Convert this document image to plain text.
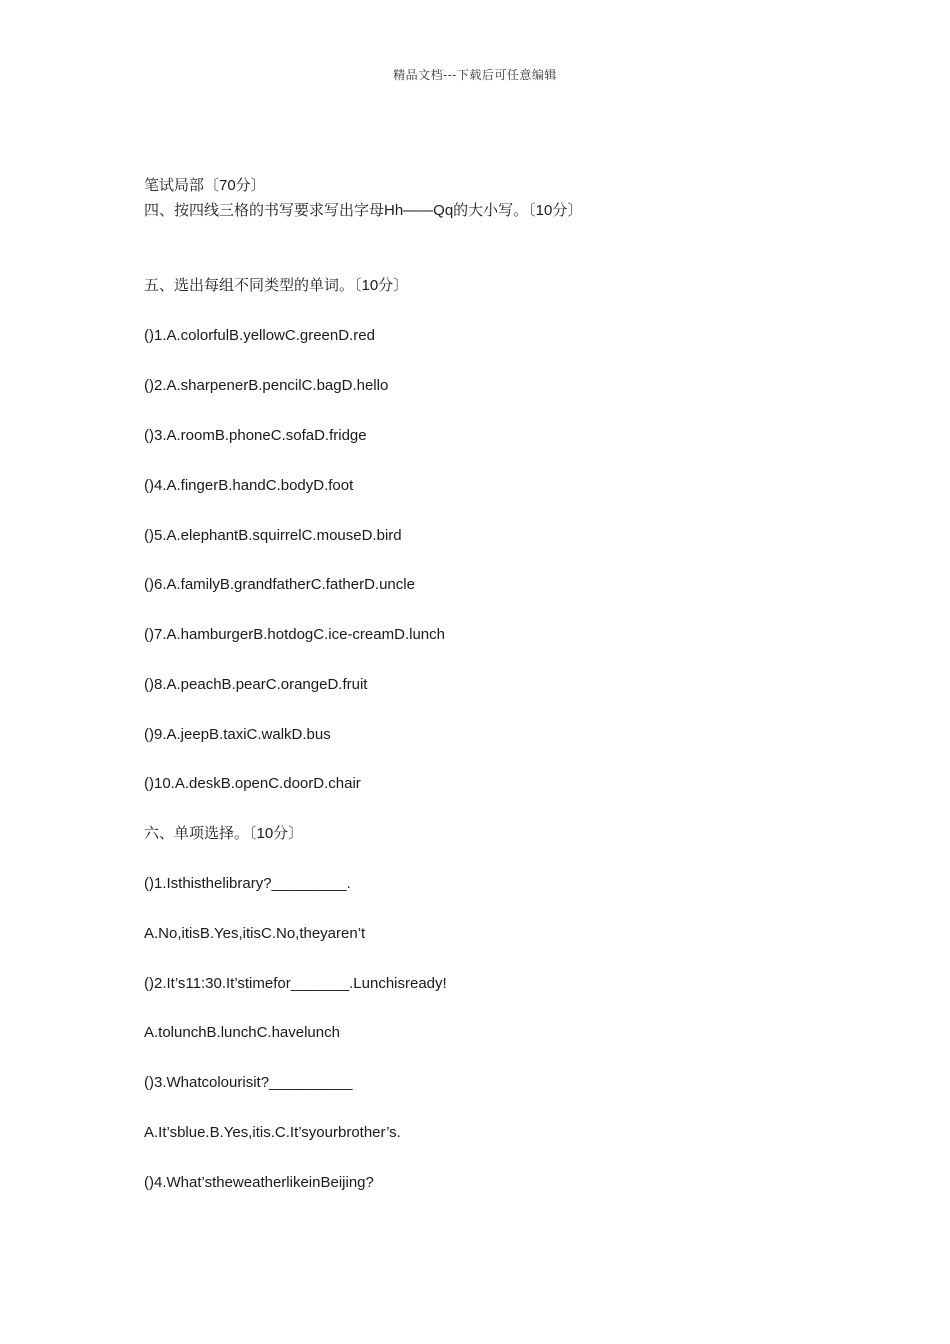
精品文档---下载后可任意编辑
笔试局部〔70分〕
四、按四线三格的书写要求写出字母Hh——Qq的大小写。〔10分〕
五、选出每组不同类型的单词。〔10分〕
()1.A.colorfulB.yellowC.greenD.red
()2.A.sharpenerB.pencilC.bagD.hello
()3.A.roomB.phoneC.sofaD.fridge
()4.A.fingerB.handC.bodyD.foot
()5.A.elephantB.squirrelC.mouseD.bird
()6.A.familyB.grandfatherC.fatherD.uncle
()7.A.hamburgerB.hotdogC.ice-creamD.lunch
()8.A.peachB.pearC.orangeD.fruit
()9.A.jeepB.taxiC.walkD.bus
()10.A.deskB.openC.doorD.chair
六、单项选择。〔10分〕
()1.Isthisthelibrary?_________.
A.No,itisB.Yes,itisC.No,theyaren’t
()2.It’s11:30.It’stimefor_______.Lunchisready!
A.tolunchB.lunchC.havelunch
()3.Whatcolourisit?__________
A.It’sblue.B.Yes,itis.C.It’syourbrother’s.
()4.What’stheweatherlikeinBeijing?
